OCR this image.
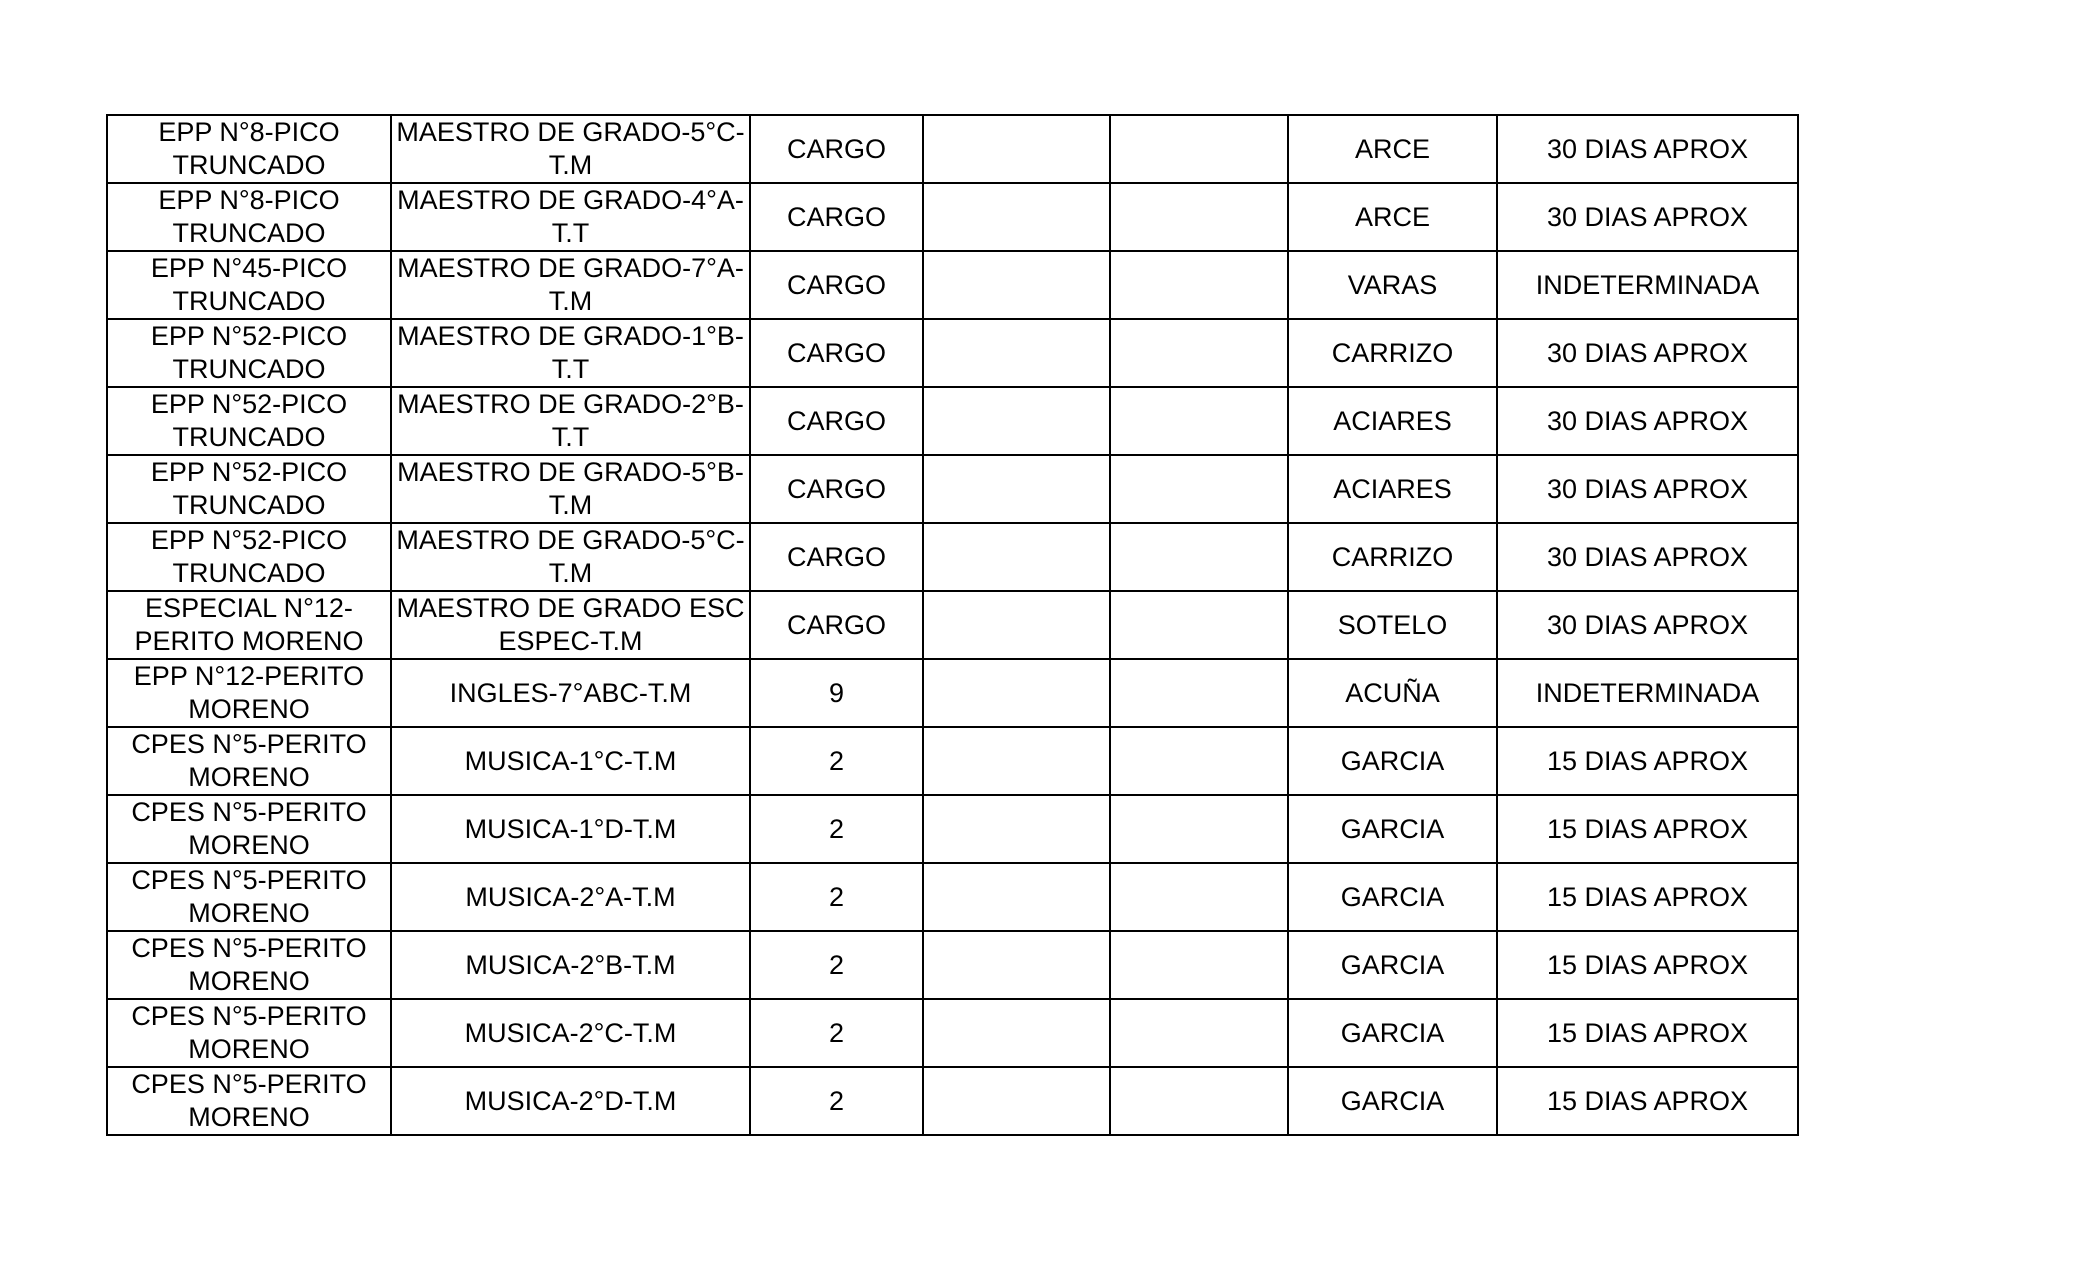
EPP N°8-PICO TRUNCADO	MAESTRO DE GRADO-5°C-T.M	CARGO			ARCE	30 DIAS APROX
EPP N°8-PICO TRUNCADO	MAESTRO DE GRADO-4°A-T.T	CARGO			ARCE	30 DIAS APROX
EPP N°45-PICO TRUNCADO	MAESTRO DE GRADO-7°A-T.M	CARGO			VARAS	INDETERMINADA
EPP N°52-PICO TRUNCADO	MAESTRO DE GRADO-1°B-T.T	CARGO			CARRIZO	30 DIAS APROX
EPP N°52-PICO TRUNCADO	MAESTRO DE GRADO-2°B-T.T	CARGO			ACIARES	30 DIAS APROX
EPP N°52-PICO TRUNCADO	MAESTRO DE GRADO-5°B-T.M	CARGO			ACIARES	30 DIAS APROX
EPP N°52-PICO TRUNCADO	MAESTRO DE GRADO-5°C-T.M	CARGO			CARRIZO	30 DIAS APROX
ESPECIAL N°12-PERITO MORENO	MAESTRO DE GRADO ESC ESPEC-T.M	CARGO			SOTELO	30 DIAS APROX
EPP N°12-PERITO MORENO	INGLES-7°ABC-T.M	9			ACUÑA	INDETERMINADA
CPES N°5-PERITO MORENO	MUSICA-1°C-T.M	2			GARCIA	15 DIAS APROX
CPES N°5-PERITO MORENO	MUSICA-1°D-T.M	2			GARCIA	15 DIAS APROX
CPES N°5-PERITO MORENO	MUSICA-2°A-T.M	2			GARCIA	15 DIAS APROX
CPES N°5-PERITO MORENO	MUSICA-2°B-T.M	2			GARCIA	15 DIAS APROX
CPES N°5-PERITO MORENO	MUSICA-2°C-T.M	2			GARCIA	15 DIAS APROX
CPES N°5-PERITO MORENO	MUSICA-2°D-T.M	2			GARCIA	15 DIAS APROX
